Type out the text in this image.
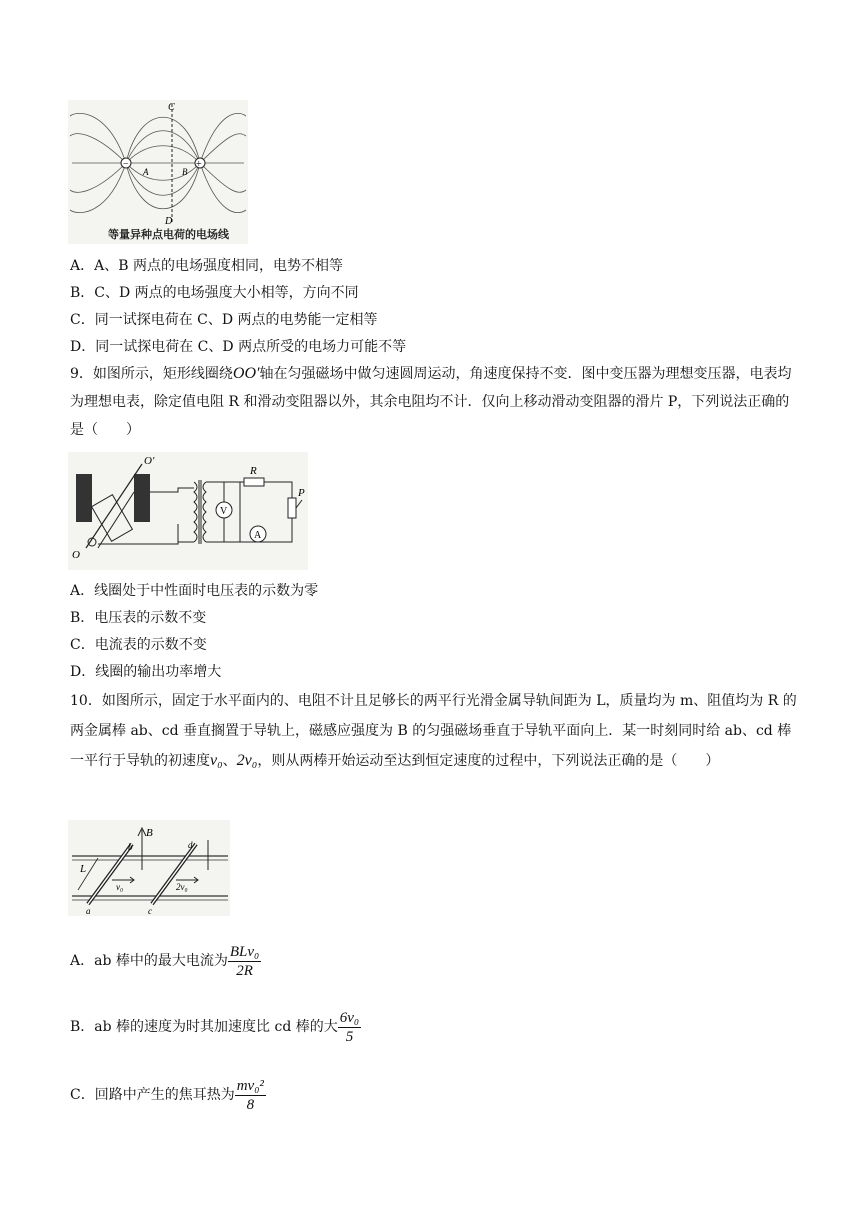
−	+
C
D
A	B
等量异种点电荷的电场线
A．A、B 两点的电场强度相同，电势不相等
B．C、D 两点的电场强度大小相等，方向不同
C．同一试探电荷在 C、D 两点的电势能一定相等
D．同一试探电荷在 C、D 两点所受的电场力可能不等
9．如图所示，矩形线圈绕OO′轴在匀强磁场中做匀速圆周运动，角速度保持不变．图中变压器为理想变压器，电表均为理想电表，除定值电阻 R 和滑动变阻器以外，其余电阻均不计．仅向上移动滑动变阻器的滑片 P，下列说法正确的是（　　）
O′
O
V
R
P
A
A．线圈处于中性面时电压表的示数为零
B．电压表的示数不变
C．电流表的示数不变
D．线圈的输出功率增大
10．如图所示，固定于水平面内的、电阻不计且足够长的两平行光滑金属导轨间距为 L，质量均为 m、阻值均为 R 的两金属棒 ab、cd 垂直搁置于导轨上，磁感应强度为 B 的匀强磁场垂直于导轨平面向上．某一时刻同时给 ab、cd 棒一平行于导轨的初速度v₀、2v₀，则从两棒开始运动至达到恒定速度的过程中，下列说法正确的是（　　）
B
L
b	d
a	c
v₀	2v₀
A．ab 棒中的最大电流为 $\frac{\text{BLv₀}}{2R}$
B．ab 棒的速度为时其加速度比 cd 棒的大 $\frac{\text{6v₀}}{5}$
C．回路中产生的焦耳热为 $\frac{\text{mv₀²}}{8}$
